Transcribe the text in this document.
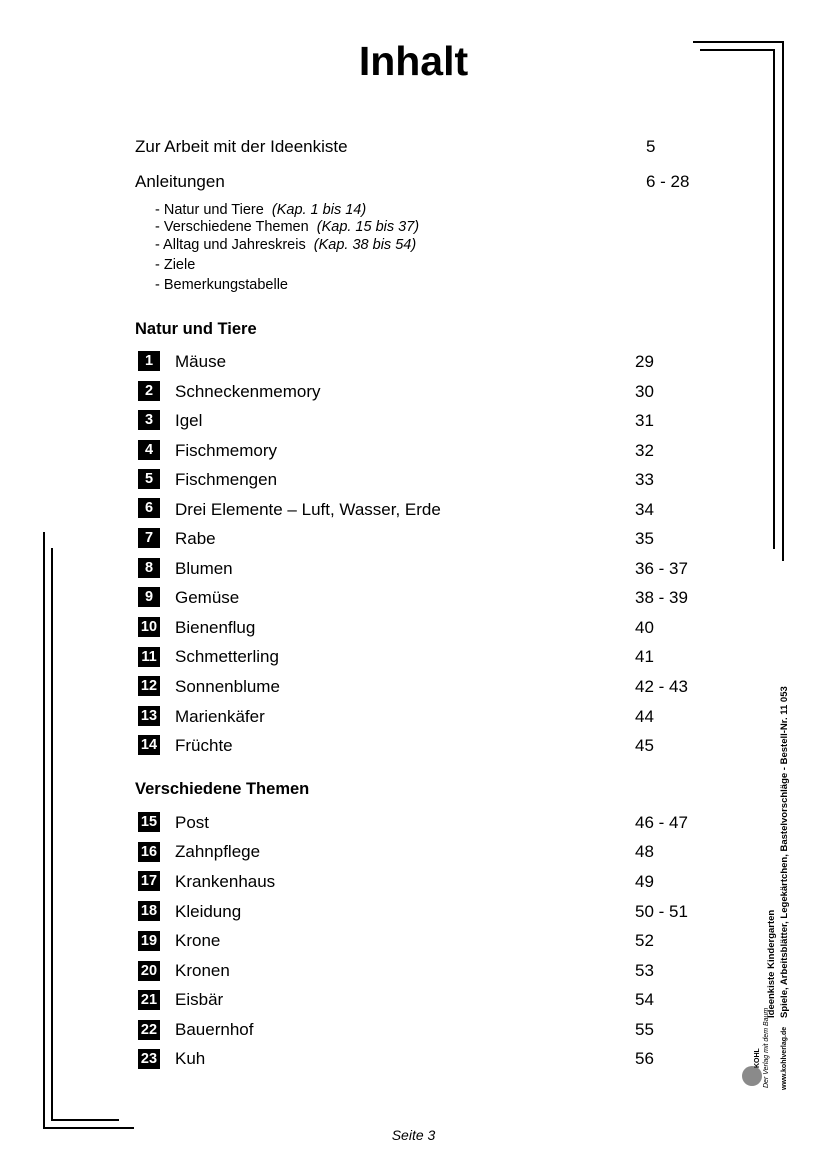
Inhalt
Zur Arbeit mit der Ideenkiste	5
Anleitungen	6 - 28
- Natur und Tiere (Kap. 1 bis 14)
- Verschiedene Themen (Kap. 15 bis 37)
- Alltag und Jahreskreis (Kap. 38 bis 54)
- Ziele
- Bemerkungstabelle
Natur und Tiere
1	Mäuse	29
2	Schneckenmemory	30
3	Igel	31
4	Fischmemory	32
5	Fischmengen	33
6	Drei Elemente – Luft, Wasser, Erde	34
7	Rabe	35
8	Blumen	36 - 37
9	Gemüse	38 - 39
10 Bienenflug	40
11 Schmetterling	41
12 Sonnenblume	42 - 43
13 Marienkäfer	44
14 Früchte	45
Verschiedene Themen
15 Post	46 - 47
16 Zahnpflege	48
17 Krankenhaus	49
18 Kleidung	50 - 51
19 Krone	52
20 Kronen	53
21 Eisbär	54
22 Bauernhof	55
23 Kuh	56
Ideenkiste Kindergarten Spiele, Arbeitsblätter, Legekärtchen, Bastelvorschläge - Bestell-Nr. 11 053
KOHL Der Verlag mit dem Baum www.kohlverlag.de
Seite 3
